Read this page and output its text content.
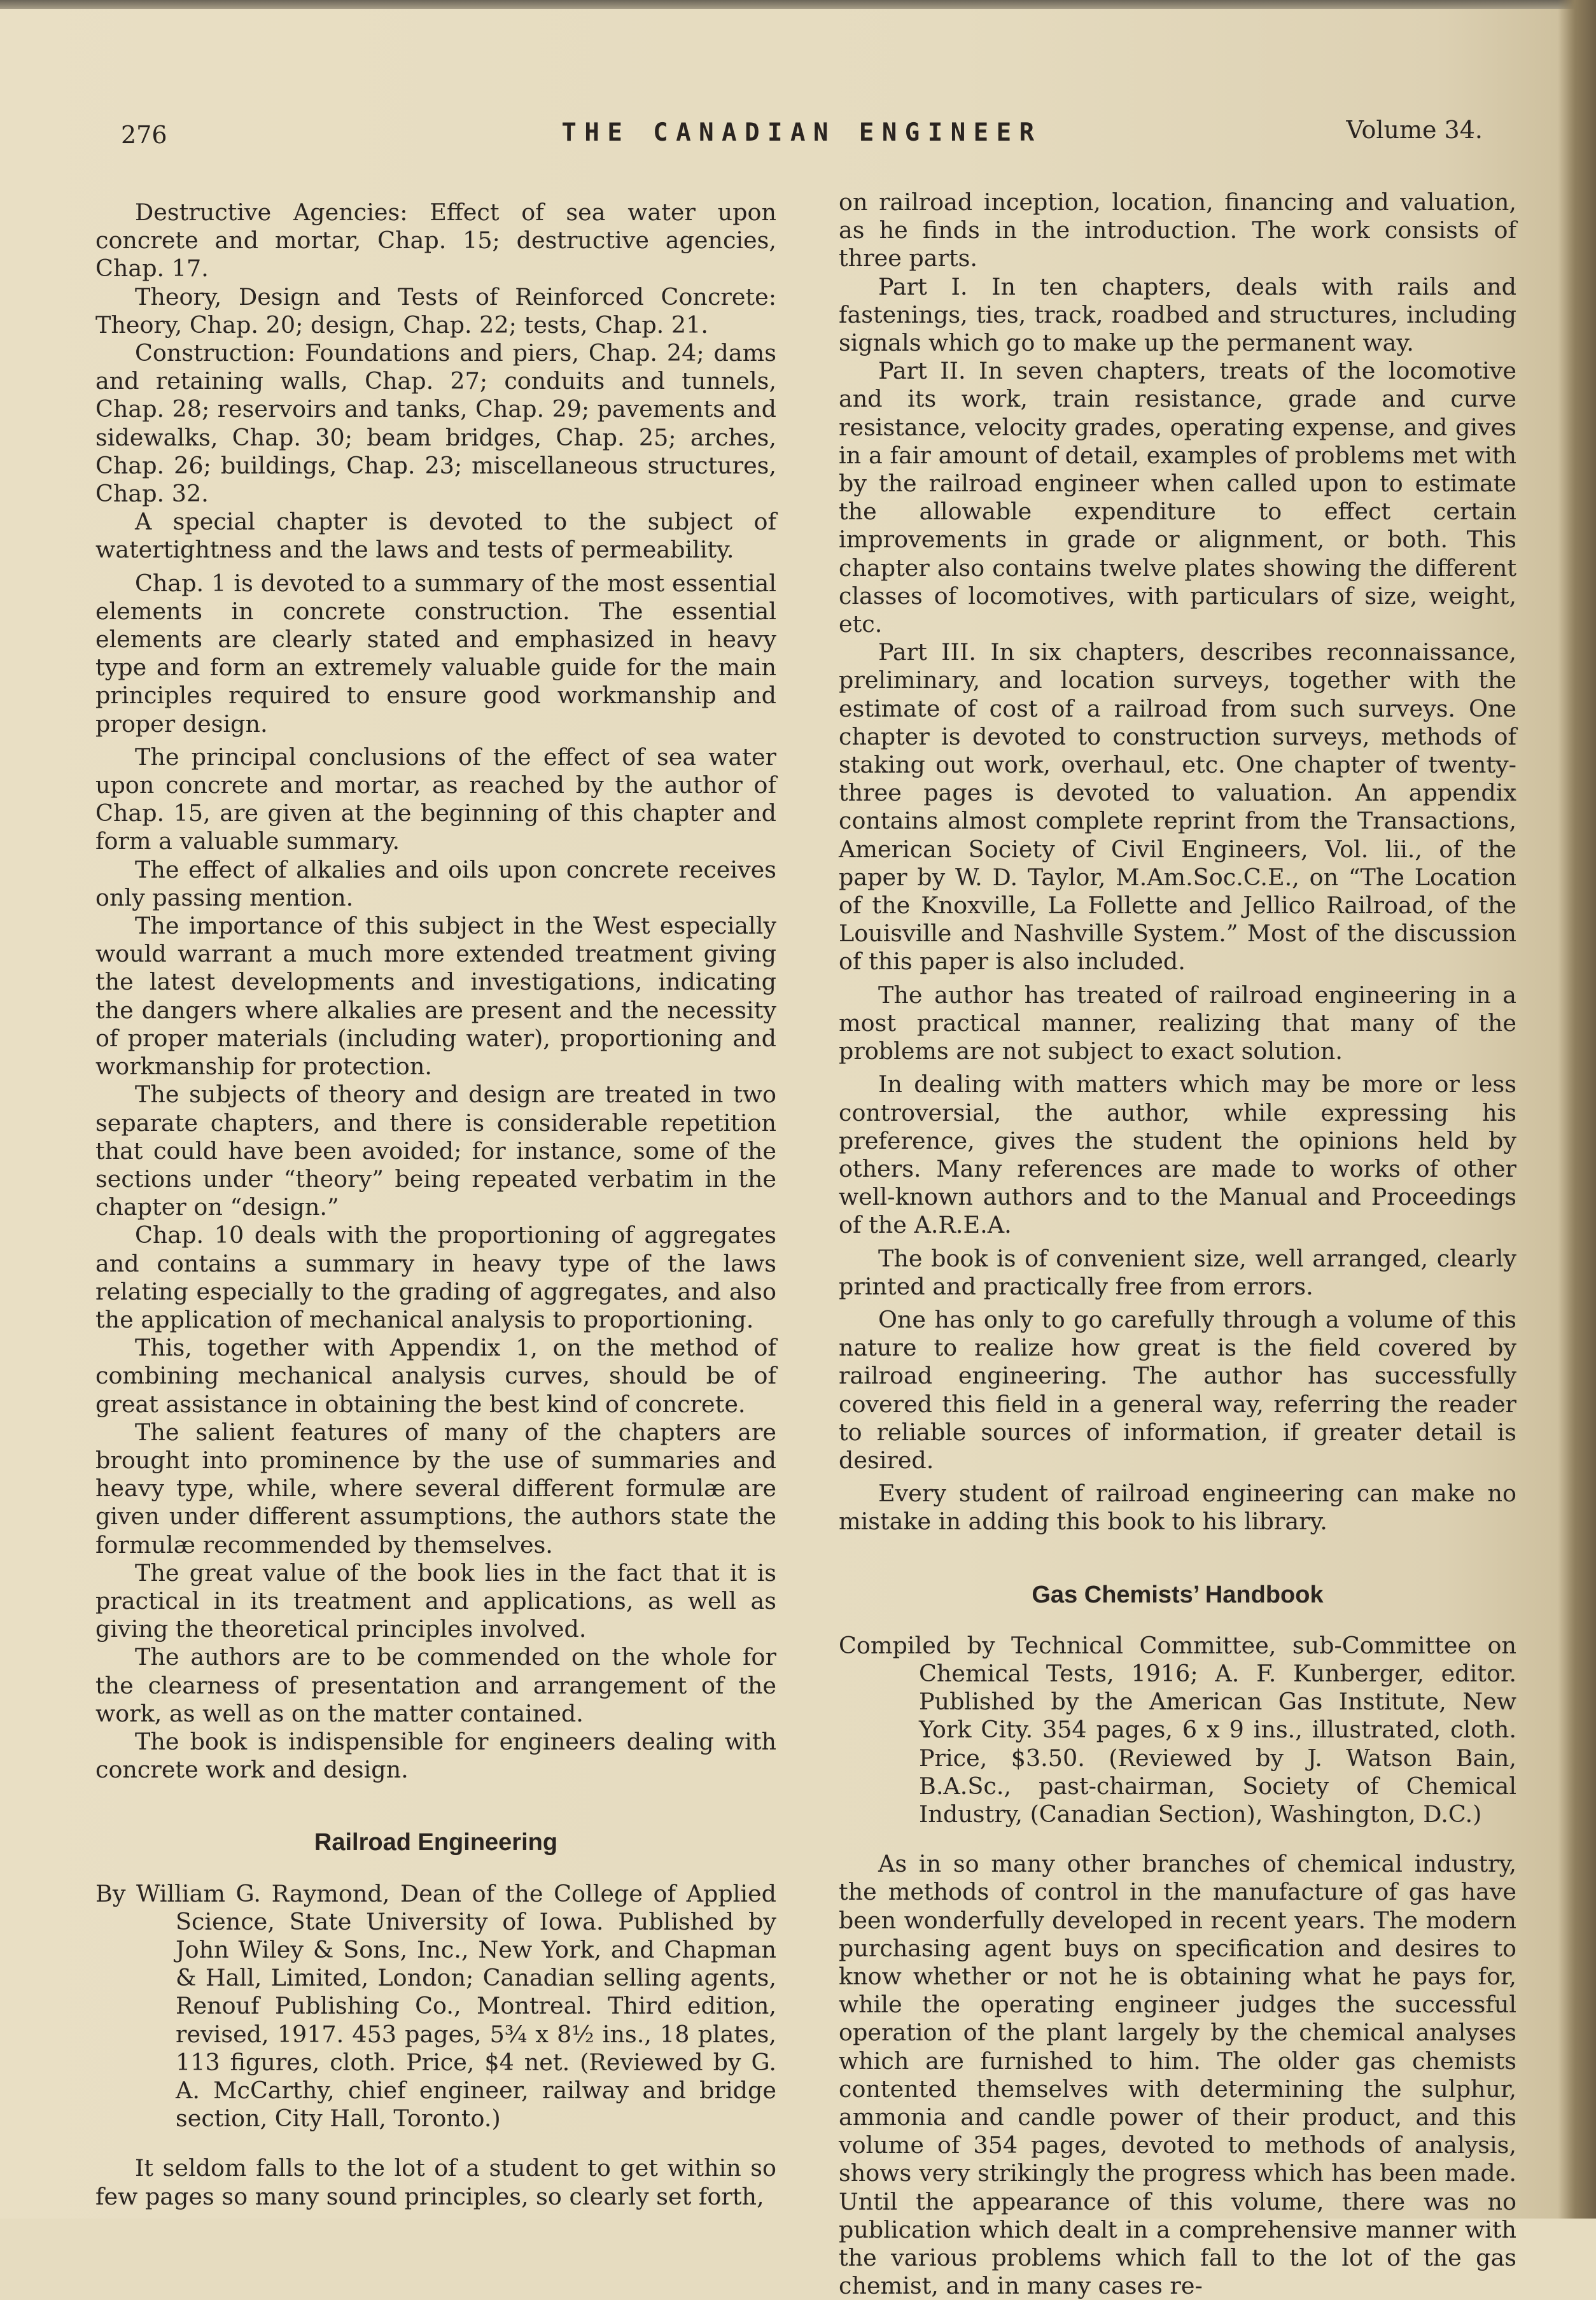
276	THE CANADIAN ENGINEER	Volume 34.

Destructive Agencies: Effect of sea water upon concrete and mortar, Chap. 15; destructive agencies, Chap. 17.

Theory, Design and Tests of Reinforced Concrete: Theory, Chap. 20; design, Chap. 22; tests, Chap. 21.

Construction: Foundations and piers, Chap. 24; dams and retaining walls, Chap. 27; conduits and tunnels, Chap. 28; reservoirs and tanks, Chap. 29; pavements and sidewalks, Chap. 30; beam bridges, Chap. 25; arches, Chap. 26; buildings, Chap. 23; miscellaneous structures, Chap. 32.

A special chapter is devoted to the subject of watertightness and the laws and tests of permeability.

Chap. 1 is devoted to a summary of the most essential elements in concrete construction. The essential elements are clearly stated and emphasized in heavy type and form an extremely valuable guide for the main principles required to ensure good workmanship and proper design.

The principal conclusions of the effect of sea water upon concrete and mortar, as reached by the author of Chap. 15, are given at the beginning of this chapter and form a valuable summary.

The effect of alkalies and oils upon concrete receives only passing mention.

The importance of this subject in the West especially would warrant a much more extended treatment giving the latest developments and investigations, indicating the dangers where alkalies are present and the necessity of proper materials (including water), proportioning and workmanship for protection.

The subjects of theory and design are treated in two separate chapters, and there is considerable repetition that could have been avoided; for instance, some of the sections under “theory” being repeated verbatim in the chapter on “design.”

Chap. 10 deals with the proportioning of aggregates and contains a summary in heavy type of the laws relating especially to the grading of aggregates, and also the application of mechanical analysis to proportioning.

This, together with Appendix 1, on the method of combining mechanical analysis curves, should be of great assistance in obtaining the best kind of concrete.

The salient features of many of the chapters are brought into prominence by the use of summaries and heavy type, while, where several different formulæ are given under different assumptions, the authors state the formulæ recommended by themselves.

The great value of the book lies in the fact that it is practical in its treatment and applications, as well as giving the theoretical principles involved.

The authors are to be commended on the whole for the clearness of presentation and arrangement of the work, as well as on the matter contained.

The book is indispensible for engineers dealing with concrete work and design.

Railroad Engineering

By William G. Raymond, Dean of the College of Applied Science, State University of Iowa. Published by John Wiley & Sons, Inc., New York, and Chapman & Hall, Limited, London; Canadian selling agents, Renouf Publishing Co., Montreal. Third edition, revised, 1917. 453 pages, 5¾ x 8½ ins., 18 plates, 113 figures, cloth. Price, $4 net. (Reviewed by G. A. McCarthy, chief engineer, railway and bridge section, City Hall, Toronto.)

It seldom falls to the lot of a student to get within so few pages so many sound principles, so clearly set forth,

on railroad inception, location, financing and valuation, as he finds in the introduction. The work consists of three parts.

Part I. In ten chapters, deals with rails and fastenings, ties, track, roadbed and structures, including signals which go to make up the permanent way.

Part II. In seven chapters, treats of the locomotive and its work, train resistance, grade and curve resistance, velocity grades, operating expense, and gives in a fair amount of detail, examples of problems met with by the railroad engineer when called upon to estimate the allowable expenditure to effect certain improvements in grade or alignment, or both. This chapter also contains twelve plates showing the different classes of locomotives, with particulars of size, weight, etc.

Part III. In six chapters, describes reconnaissance, preliminary, and location surveys, together with the estimate of cost of a railroad from such surveys. One chapter is devoted to construction surveys, methods of staking out work, overhaul, etc. One chapter of twenty-three pages is devoted to valuation. An appendix contains almost complete reprint from the Transactions, American Society of Civil Engineers, Vol. lii., of the paper by W. D. Taylor, M.Am.Soc.C.E., on “The Location of the Knoxville, La Follette and Jellico Railroad, of the Louisville and Nashville System.” Most of the discussion of this paper is also included.

The author has treated of railroad engineering in a most practical manner, realizing that many of the problems are not subject to exact solution.

In dealing with matters which may be more or less controversial, the author, while expressing his preference, gives the student the opinions held by others. Many references are made to works of other well-known authors and to the Manual and Proceedings of the A.R.E.A.

The book is of convenient size, well arranged, clearly printed and practically free from errors.

One has only to go carefully through a volume of this nature to realize how great is the field covered by railroad engineering. The author has successfully covered this field in a general way, referring the reader to reliable sources of information, if greater detail is desired.

Every student of railroad engineering can make no mistake in adding this book to his library.

Gas Chemists’ Handbook

Compiled by Technical Committee, sub-Committee on Chemical Tests, 1916; A. F. Kunberger, editor. Published by the American Gas Institute, New York City. 354 pages, 6 x 9 ins., illustrated, cloth. Price, $3.50. (Reviewed by J. Watson Bain, B.A.Sc., past-chairman, Society of Chemical Industry, (Canadian Section), Washington, D.C.)

As in so many other branches of chemical industry, the methods of control in the manufacture of gas have been wonderfully developed in recent years. The modern purchasing agent buys on specification and desires to know whether or not he is obtaining what he pays for, while the operating engineer judges the successful operation of the plant largely by the chemical analyses which are furnished to him. The older gas chemists contented themselves with determining the sulphur, ammonia and candle power of their product, and this volume of 354 pages, devoted to methods of analysis, shows very strikingly the progress which has been made. Until the appearance of this volume, there was no publication which dealt in a comprehensive manner with the various problems which fall to the lot of the gas chemist, and in many cases re-
